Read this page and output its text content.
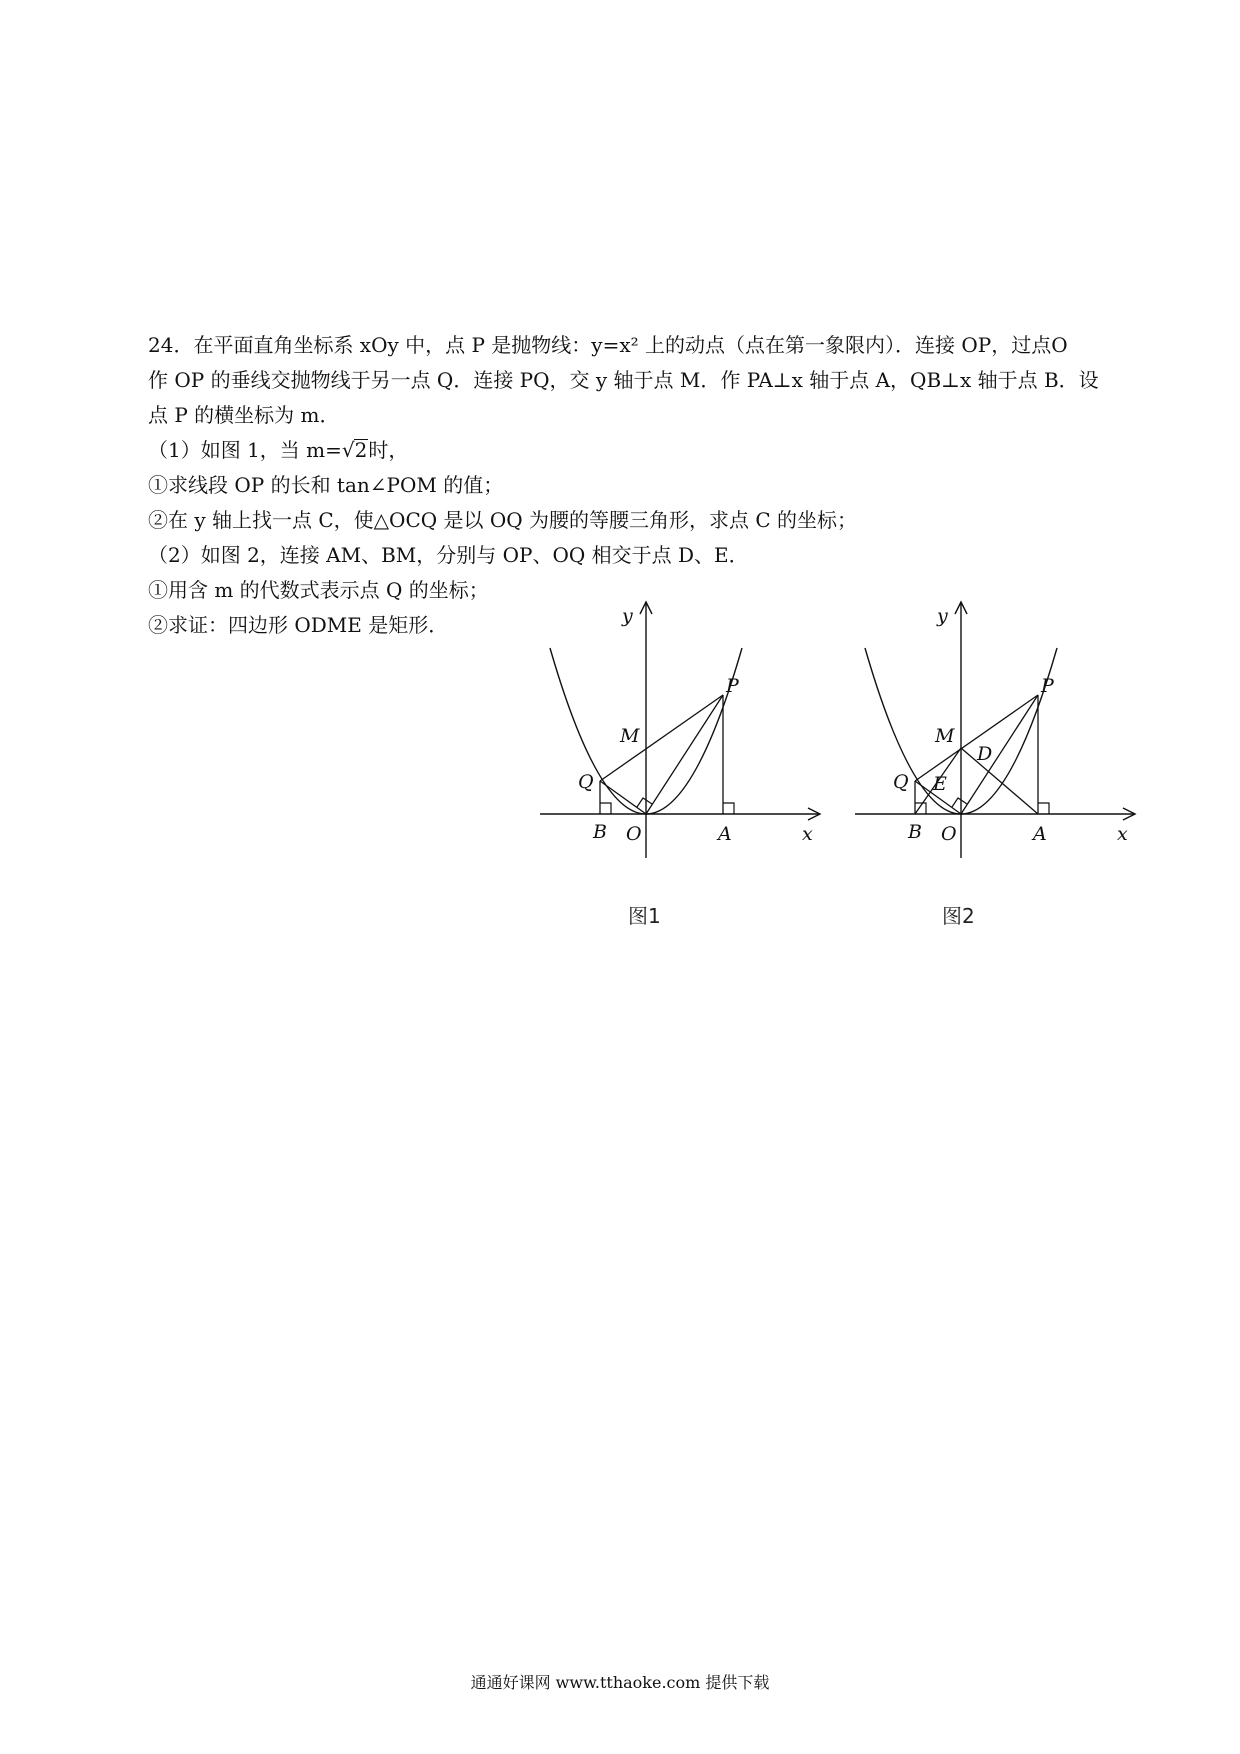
24．在平面直角坐标系 xOy 中，点 P 是抛物线：y=x² 上的动点（点在第一象限内）．连接 OP，过点O

作 OP 的垂线交抛物线于另一点 Q．连接 PQ，交 y 轴于点 M．作 PA⊥x 轴于点 A，QB⊥x 轴于点 B．设

点 P 的横坐标为 m．

（1）如图 1，当 m=√2时，

①求线段 OP 的长和 tan∠POM 的值；

②在 y 轴上找一点 C，使△OCQ 是以 OQ 为腰的等腰三角形，求点 C 的坐标；

（2）如图 2，连接 AM、BM，分别与 OP、OQ 相交于点 D、E．

①用含 m 的代数式表示点 Q 的坐标；

②求证：四边形 ODME 是矩形．	y
x
P
M
Q
B O	A
图1
y
x
P
M
D
Q E
B O	A
图2
通通好课网 www.tthaoke.com 提供下载
